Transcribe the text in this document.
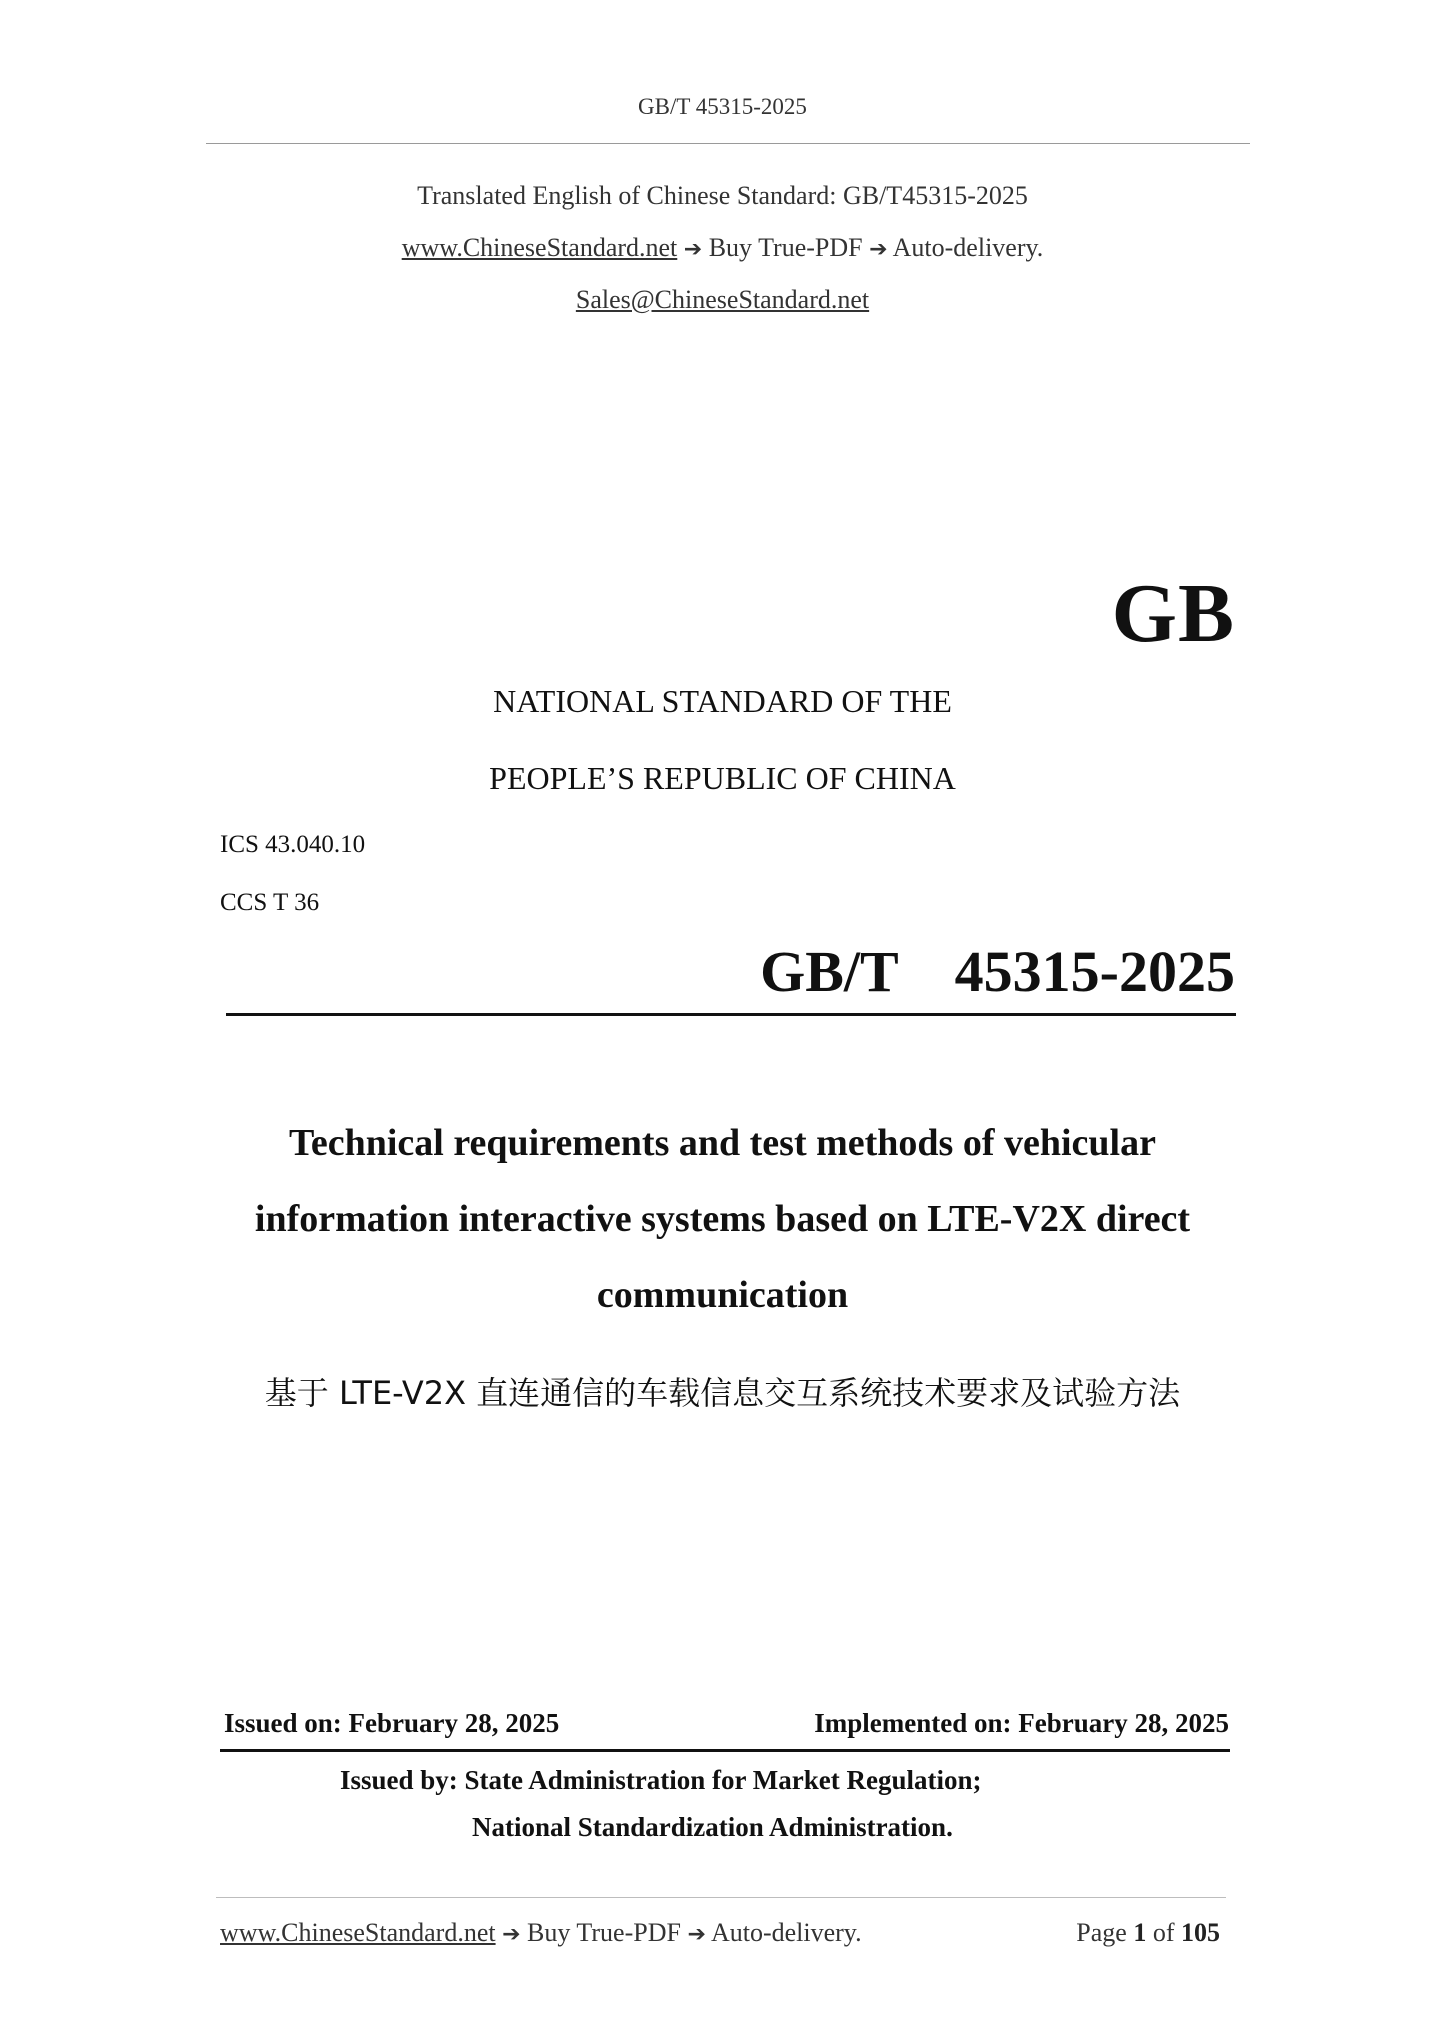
GB/T 45315-2025
Translated English of Chinese Standard: GB/T45315-2025
www.ChineseStandard.net ➔ Buy True-PDF ➔ Auto-delivery.
Sales@ChineseStandard.net
GB
NATIONAL STANDARD OF THE
PEOPLE’S REPUBLIC OF CHINA
ICS 43.040.10
CCS T 36
GB/T  45315-2025
Technical requirements and test methods of vehicular
information interactive systems based on LTE-V2X direct
communication
基于 LTE-V2X 直连通信的车载信息交互系统技术要求及试验方法
Issued on: February 28, 2025	Implemented on: February 28, 2025
Issued by: State Administration for Market Regulation;
National Standardization Administration.
www.ChineseStandard.net ➔ Buy True-PDF ➔ Auto-delivery.	Page 1 of 105
